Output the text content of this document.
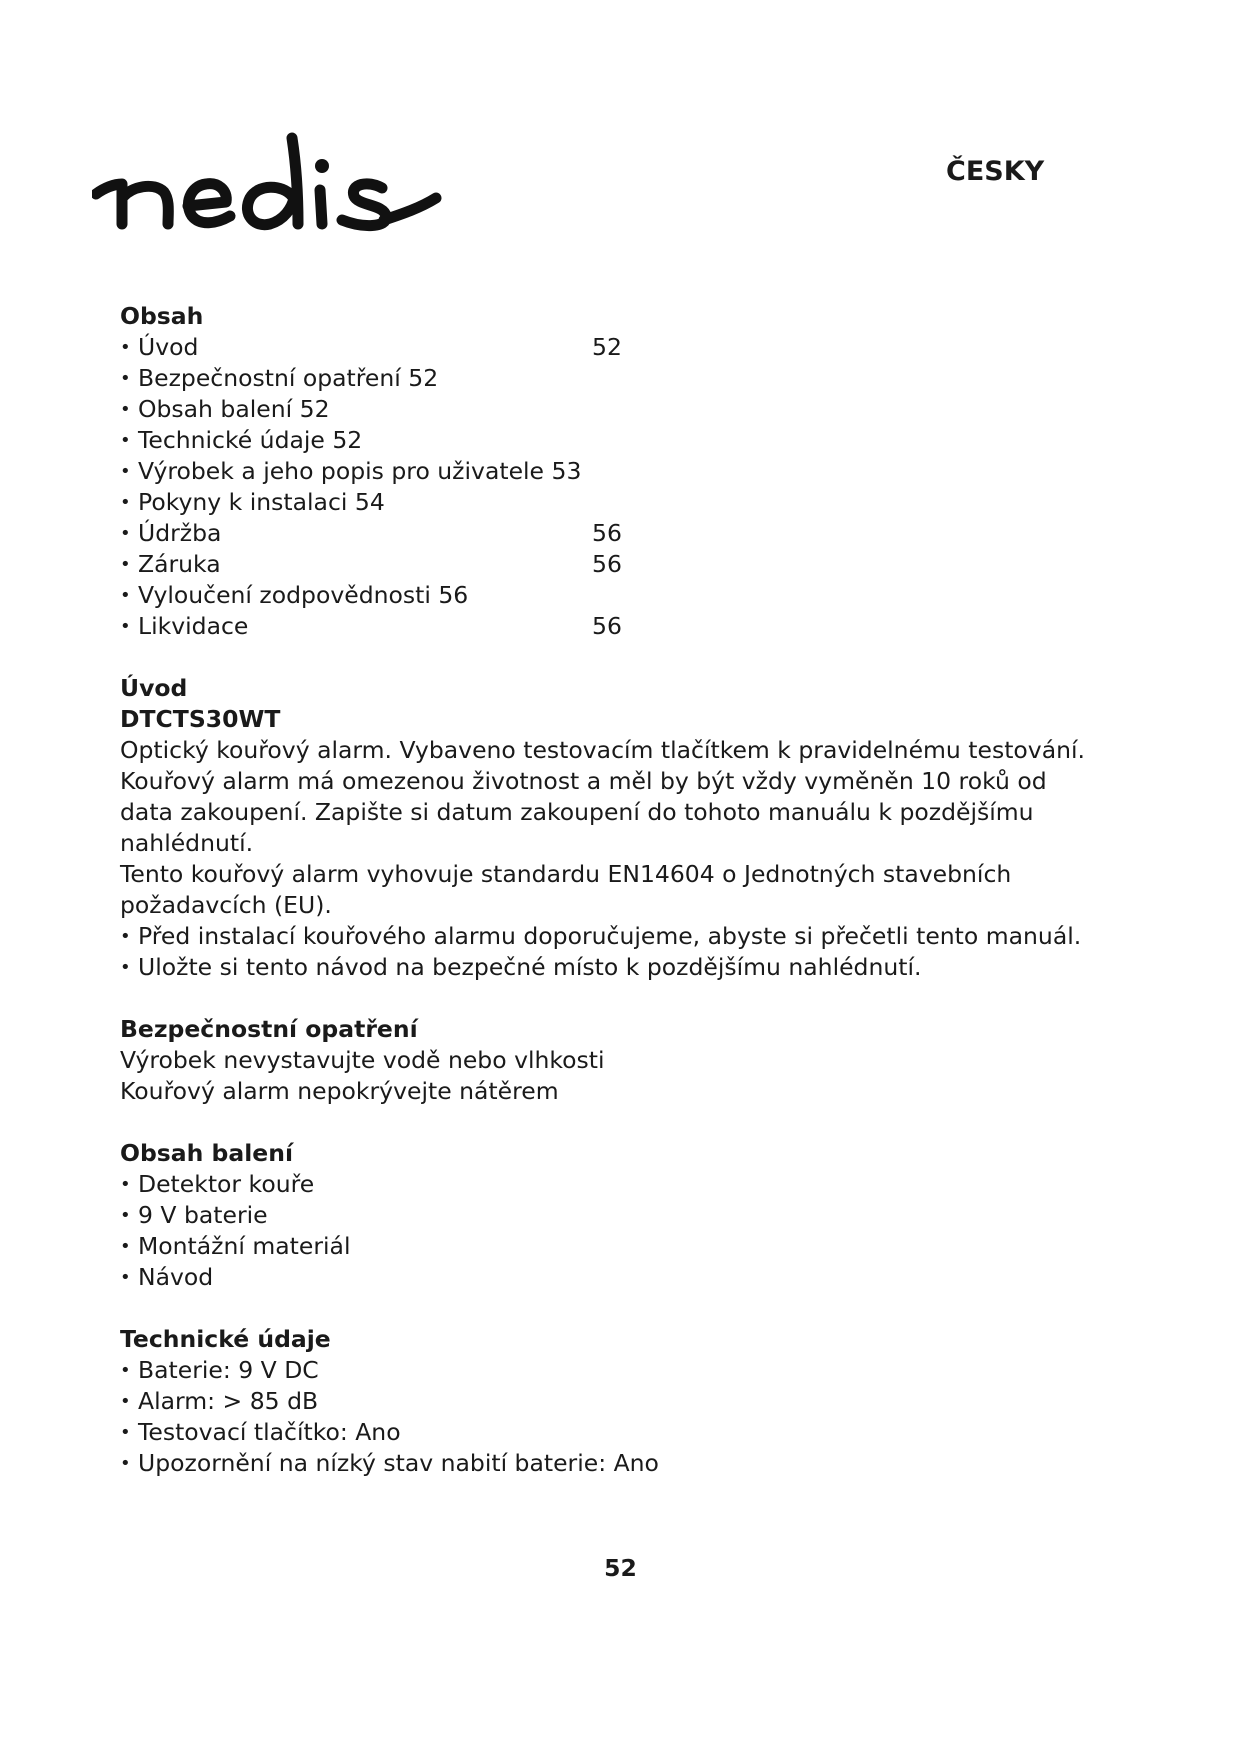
ČESKY
Obsah
• Úvod	52
• Bezpečnostní opatření 52
• Obsah balení 52
• Technické údaje 52
• Výrobek a jeho popis pro uživatele 53
• Pokyny k instalaci 54
• Údržba	56
• Záruka	56
• Vyloučení zodpovědnosti 56
• Likvidace	56
Úvod
DTCTS30WT

Optický kouřový alarm. Vybaveno testovacím tlačítkem k pravidelnému testování.

Kouřový alarm má omezenou životnost a měl by být vždy vyměněn 10 roků od

data zakoupení. Zapište si datum zakoupení do tohoto manuálu k pozdějšímu

nahlédnutí.

Tento kouřový alarm vyhovuje standardu EN14604 o Jednotných stavebních

požadavcích (EU).

• Před instalací kouřového alarmu doporučujeme, abyste si přečetli tento manuál.
• Uložte si tento návod na bezpečné místo k pozdějšímu nahlédnutí.
Bezpečnostní opatření

Výrobek nevystavujte vodě nebo vlhkosti

Kouřový alarm nepokrývejte nátěrem

Obsah balení
• Detektor kouře
• 9 V baterie
• Montážní materiál
• Návod
Technické údaje
• Baterie: 9 V DC
• Alarm: > 85 dB
• Testovací tlačítko: Ano
• Upozornění na nízký stav nabití baterie: Ano
52
